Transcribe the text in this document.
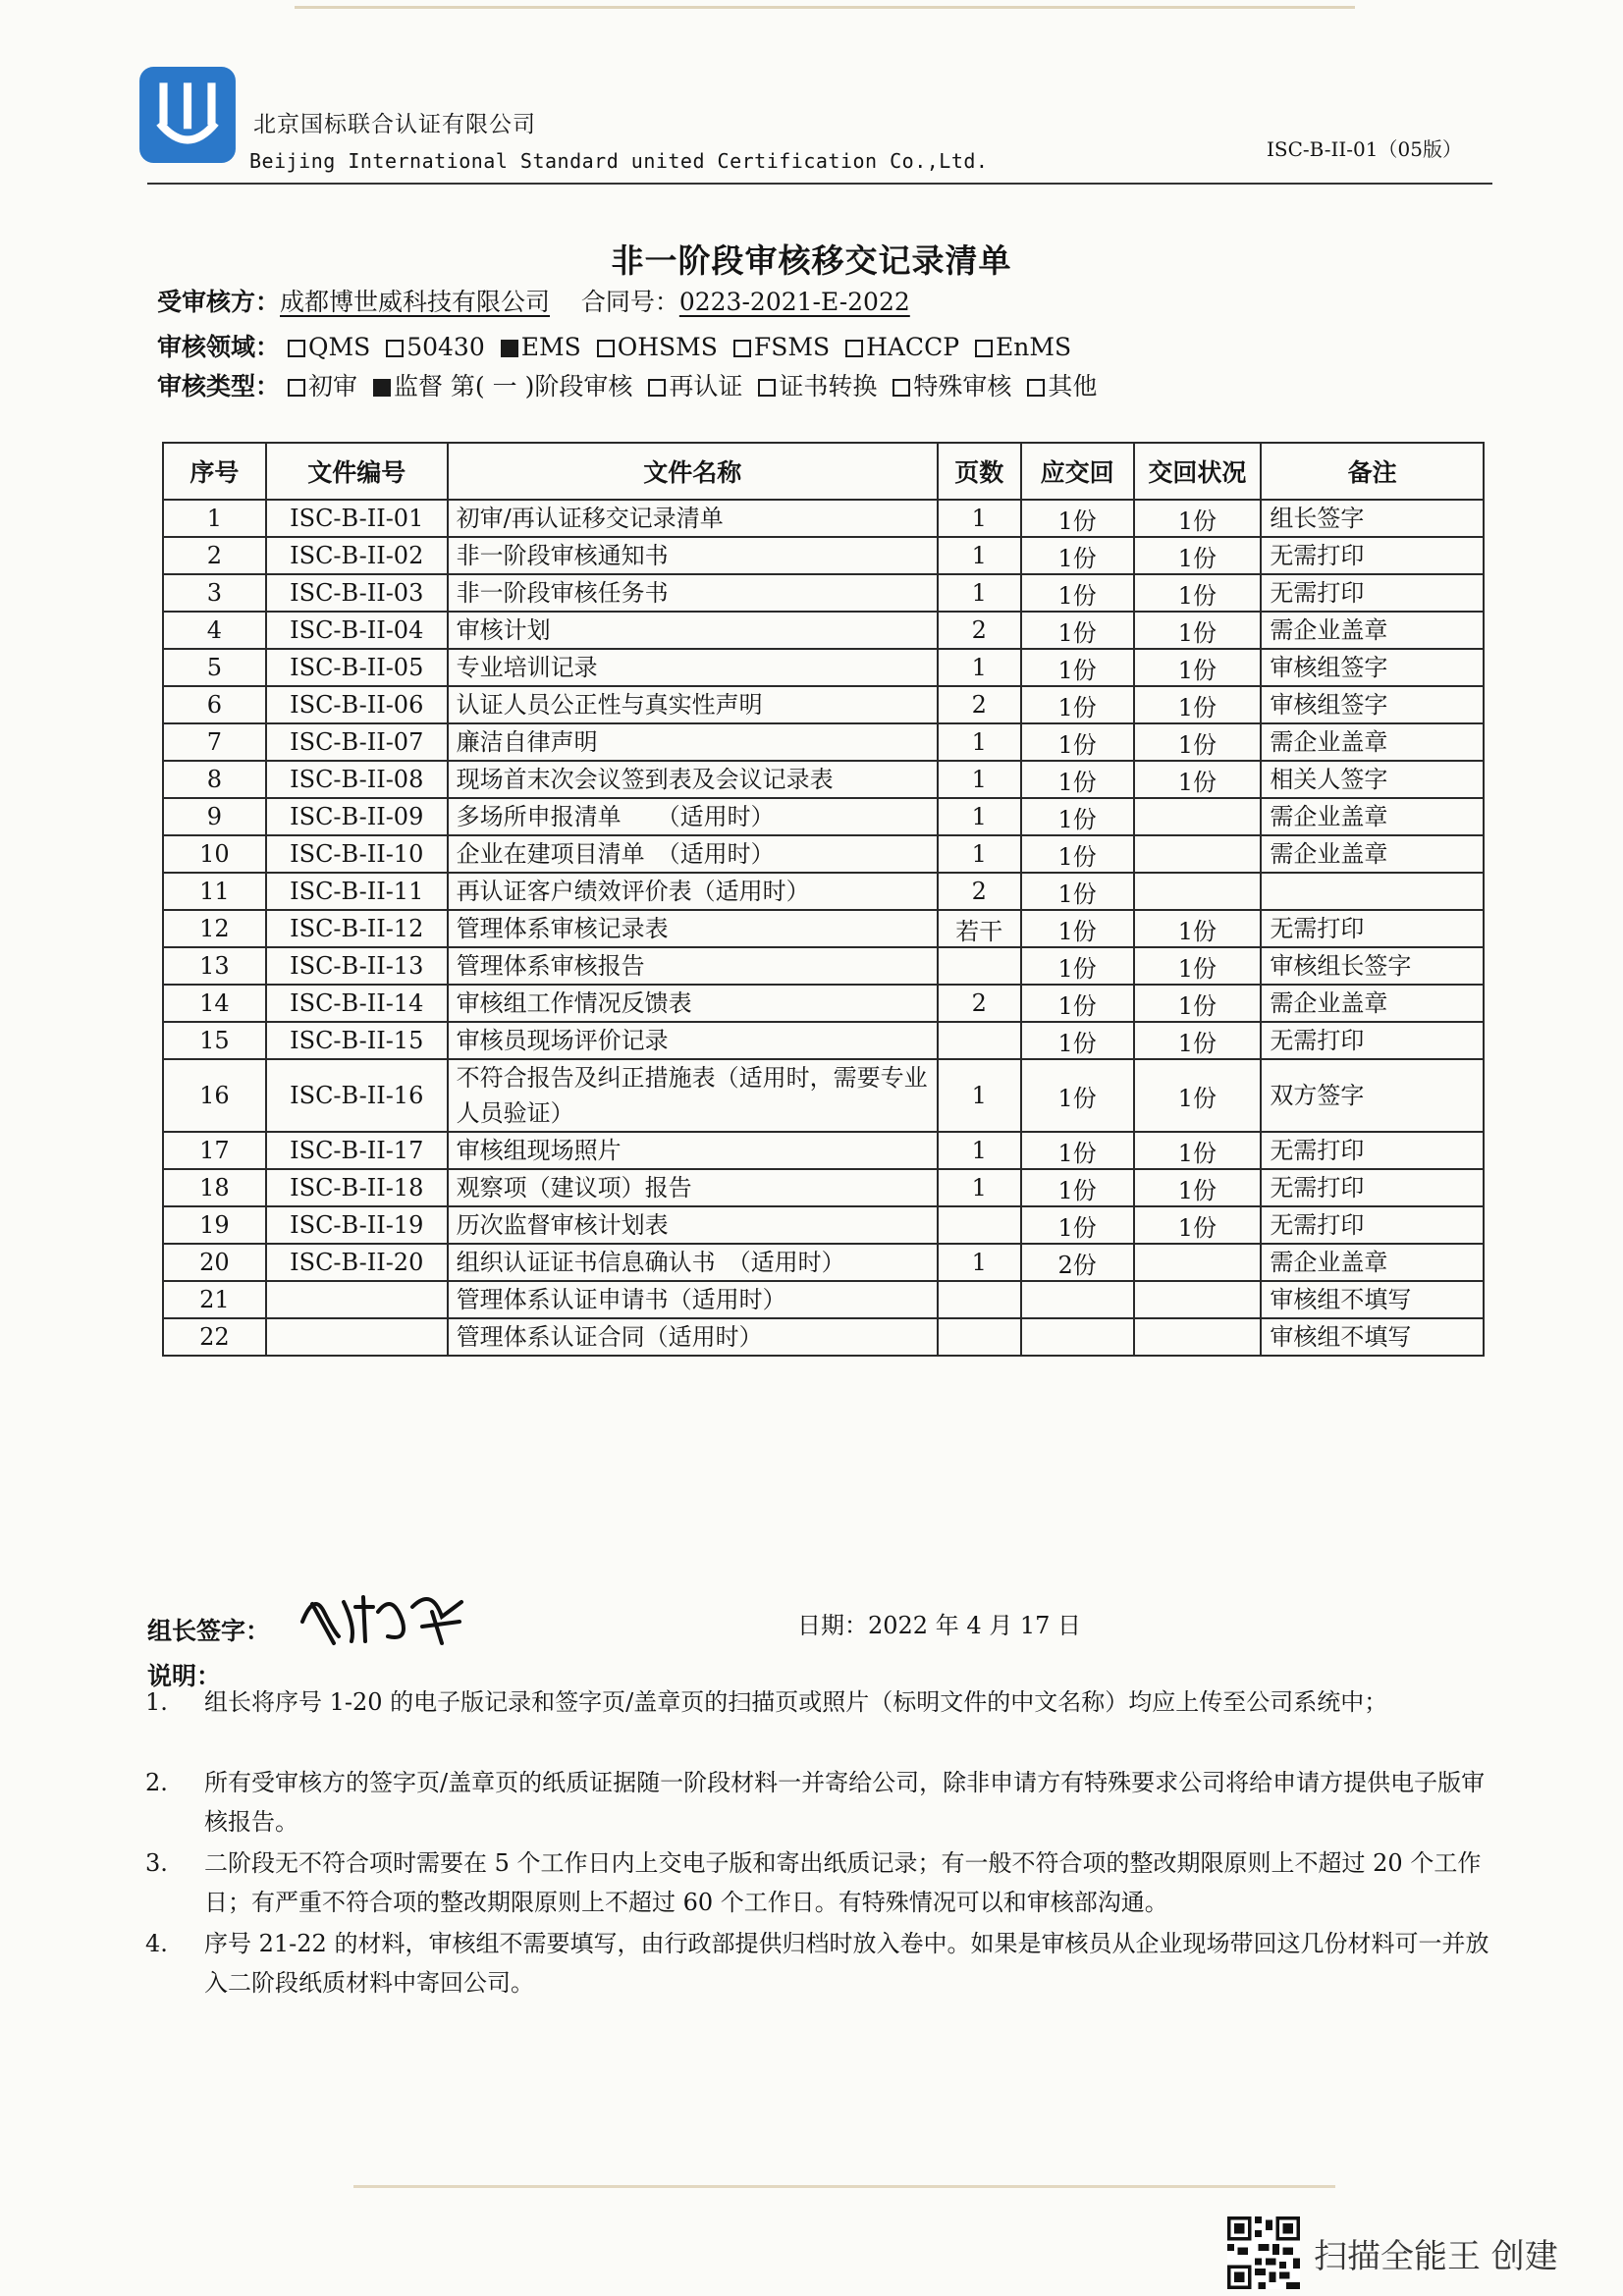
北京国标联合认证有限公司
Beijing International Standard united Certification Co.,Ltd.	ISC-B-II-01（05版）
非一阶段审核移交记录清单
受审核方：成都博世威科技有限公司 合同号：0223-2021-E-2022
审核领域： QMS 50430 EMS OHSMS FSMS HACCP EnMS
审核类型： 初审 监督 第( 一 )阶段审核 再认证 证书转换 特殊审核 其他
序号	文件编号	文件名称	页数	应交回	交回状况	备注
1	ISC-B-II-01	初审/再认证移交记录清单	1	1份	1份	组长签字
2	ISC-B-II-02	非一阶段审核通知书	1	1份	1份	无需打印
3	ISC-B-II-03	非一阶段审核任务书	1	1份	1份	无需打印
4	ISC-B-II-04	审核计划	2	1份	1份	需企业盖章
5	ISC-B-II-05	专业培训记录	1	1份	1份	审核组签字
6	ISC-B-II-06	认证人员公正性与真实性声明	2	1份	1份	审核组签字
7	ISC-B-II-07	廉洁自律声明	1	1份	1份	需企业盖章
8	ISC-B-II-08	现场首末次会议签到表及会议记录表	1	1份	1份	相关人签字
9	ISC-B-II-09	多场所申报清单　　（适用时）	1	1份		需企业盖章
10	ISC-B-II-10	企业在建项目清单　（适用时）	1	1份		需企业盖章
11	ISC-B-II-11	再认证客户绩效评价表（适用时）	2	1份		
12	ISC-B-II-12	管理体系审核记录表	若干	1份	1份	无需打印
13	ISC-B-II-13	管理体系审核报告		1份	1份	审核组长签字
14	ISC-B-II-14	审核组工作情况反馈表	2	1份	1份	需企业盖章
15	ISC-B-II-15	审核员现场评价记录		1份	1份	无需打印
16	ISC-B-II-16	不符合报告及纠正措施表（适用时，需要专业人员验证）	1	1份	1份	双方签字
17	ISC-B-II-17	审核组现场照片	1	1份	1份	无需打印
18	ISC-B-II-18	观察项（建议项）报告	1	1份	1份	无需打印
19	ISC-B-II-19	历次监督审核计划表		1份	1份	无需打印
20	ISC-B-II-20	组织认证证书信息确认书　（适用时）	1	2份		需企业盖章
21		管理体系认证申请书（适用时）				审核组不填写
22		管理体系认证合同（适用时）				审核组不填写
组长签字：	日期：2022 年 4 月 17 日
说明：
1. 组长将序号 1-20 的电子版记录和签字页/盖章页的扫描页或照片（标明文件的中文名称）均应上传至公司系统中；
2. 所有受审核方的签字页/盖章页的纸质证据随一阶段材料一并寄给公司，除非申请方有特殊要求公司将给申请方提供电子版审核报告。
3. 二阶段无不符合项时需要在 5 个工作日内上交电子版和寄出纸质记录；有一般不符合项的整改期限原则上不超过 20 个工作日；有严重不符合项的整改期限原则上不超过 60 个工作日。有特殊情况可以和审核部沟通。
4. 序号 21-22 的材料，审核组不需要填写，由行政部提供归档时放入卷中。如果是审核员从企业现场带回这几份材料可一并放入二阶段纸质材料中寄回公司。
扫描全能王 创建
